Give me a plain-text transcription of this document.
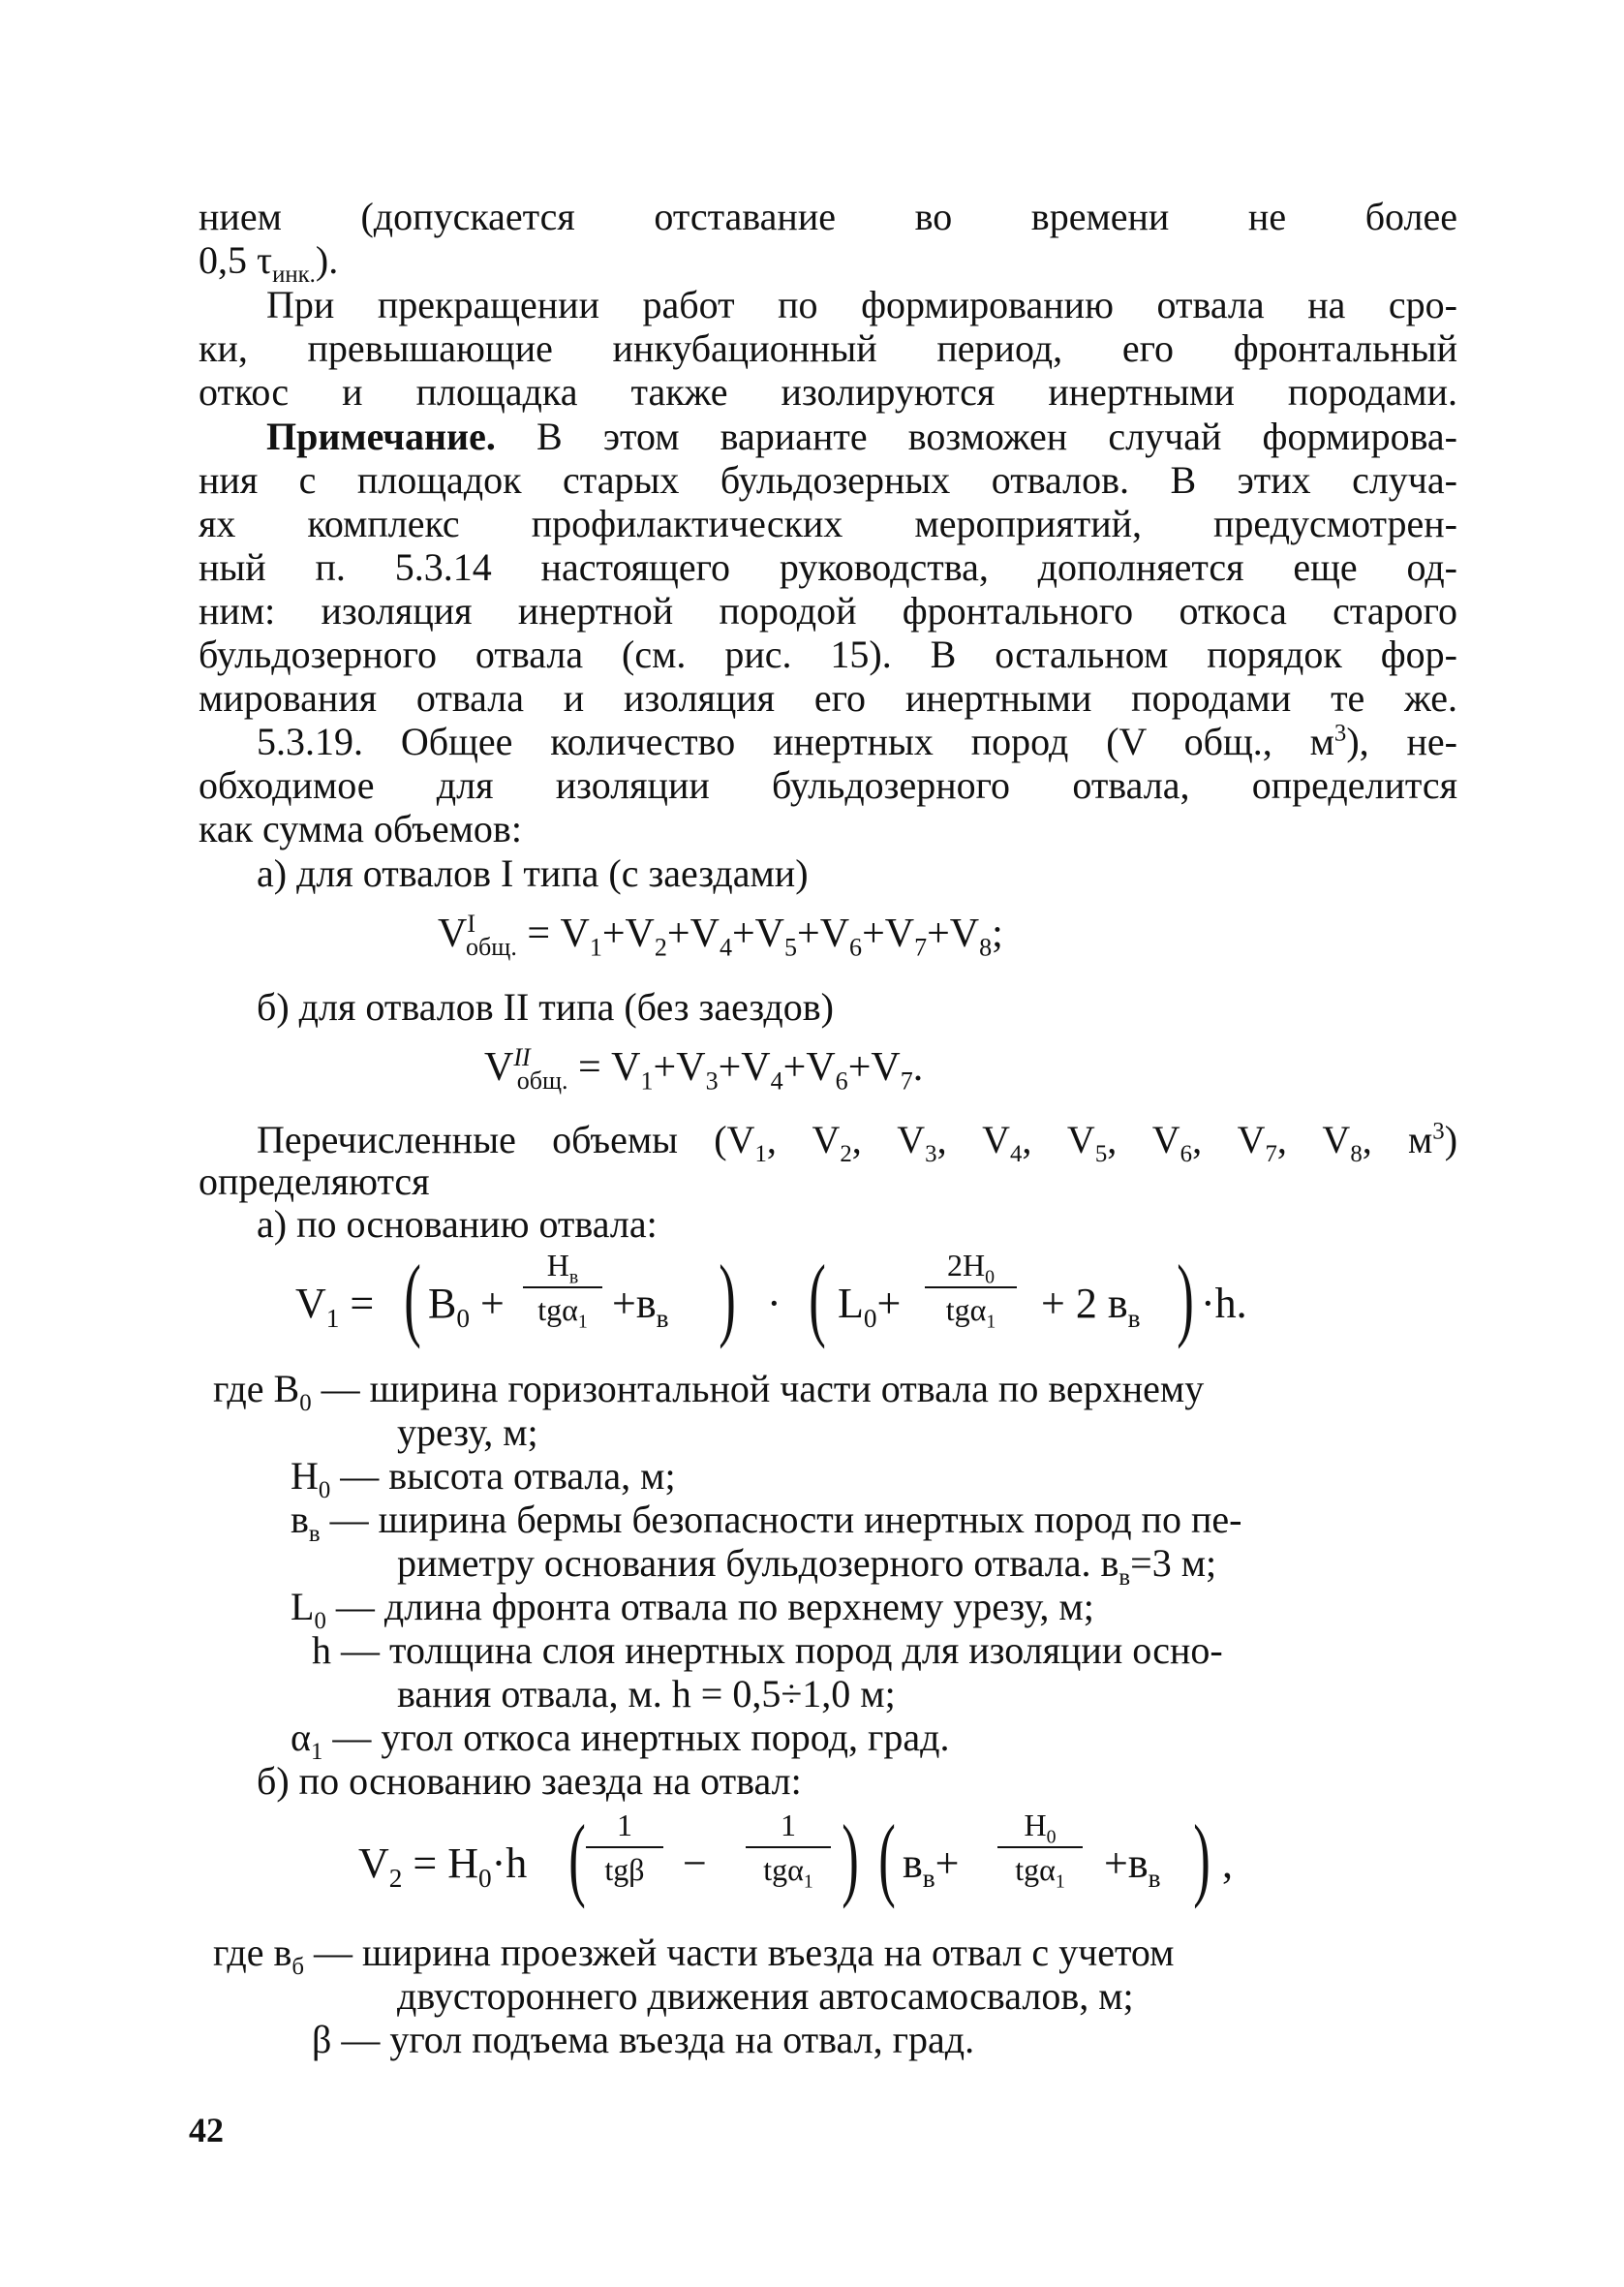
нием (допускается отставание во времени не более
0,5 $\tau_{инк.}$).
При прекращении работ по формированию отвала на сро-
ки, превышающие инкубационный период, его фронтальный
откос и площадка также изолируются инертными породами.
Примечание. В этом варианте возможен случай формирова-
ния с площадок старых бульдозерных отвалов. В этих случа-
ях комплекс профилактических мероприятий, предусмотрен-
ный п. 5.3.14 настоящего руководства, дополняется еще од-
ним: изоляция инертной породой фронтального откоса старого
бульдозерного отвала (см. рис. 15). В остальном порядок фор-
мирования отвала и изоляция его инертными породами те же.
5.3.19. Общее количество инертных пород (V общ., $м^3$), не-
обходимое для изоляции бульдозерного отвала, определится
как сумма объемов:
а) для отвалов I типа (с заездами)
$V^I_{общ.} = V_1+V_2+V_4+V_5+V_6+V_7+V_8$;
б) для отвалов II типа (без заездов)
$V^{II}_{общ.} = V_1+V_3+V_4+V_6+V_7$.
Перечисленные объемы ($V_1$, $V_2$, $V_3$, $V_4$, $V_5$, $V_6$, $V_7$, $V_8$, $м^3$)
определяются
а) по основанию отвала:
$V_1$ = ( $B_0$ +
$H_в$
$tg\alpha_1 +в_в$ ) · ( $L_0+$
$2H_0$
tgα$_1$	+ 2 $в_в$ ) ·h.
где $B_0$ — ширина горизонтальной части отвала по верхнему
урезу, м;
$H_0$ — высота отвала, м;
$в_в$ — ширина бермы безопасности инертных пород по пе-
риметру основания бульдозерного отвала. $в_в=3$ м;
$L_0$ — длина фронта отвала по верхнему урезу, м;
h — толщина слоя инертных пород для изоляции осно-
вания отвала, м. h = 0,5÷1,0 м;
$\alpha_1$ — угол откоса инертных пород, град.
б) по основанию заезда на отвал:
$V_2 = H_0\cdot h$ (	1
tgβ −
1
tgα$_1$ ) ( $в_в+$
$H_0$
$tg\alpha_1 +в_в$ ) ,
где $в_б$ — ширина проезжей части въезда на отвал с учетом
двустороннего движения автосамосвалов, м;
β — угол подъема въезда на отвал, град.
42
